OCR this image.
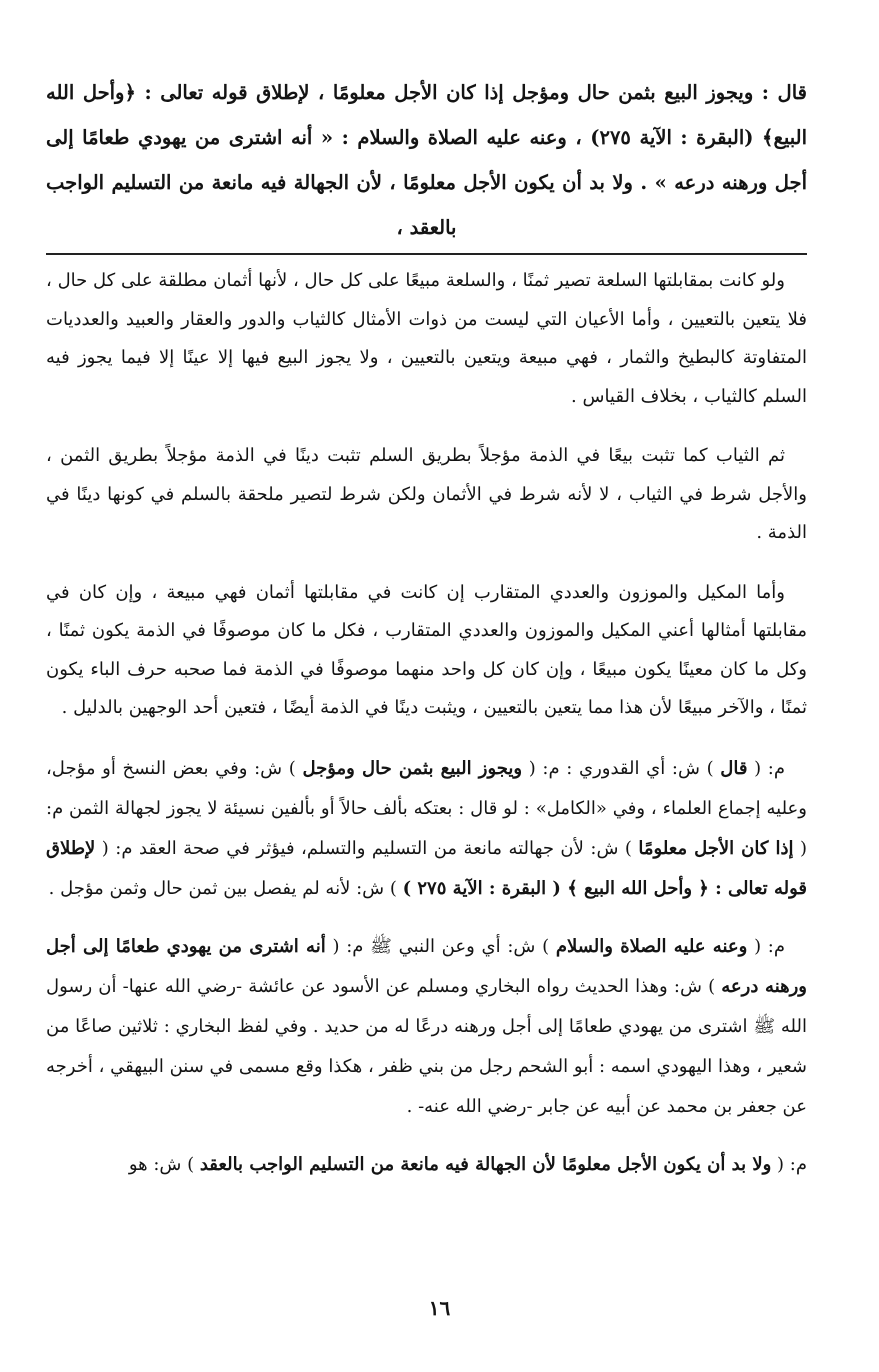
قال : ويجوز البيع بثمن حال ومؤجل إذا كان الأجل معلومًا ، لإطلاق قوله تعالى : ﴿وأحل الله البيع﴾ (البقرة : الآية ٢٧٥) ، وعنه عليه الصلاة والسلام : « أنه اشترى من يهودي طعامًا إلى أجل ورهنه درعه » . ولا بد أن يكون الأجل معلومًا ، لأن الجهالة فيه مانعة من التسليم الواجب بالعقد ،

ولو كانت بمقابلتها السلعة تصير ثمنًا ، والسلعة مبيعًا على كل حال ، لأنها أثمان مطلقة على كل حال ، فلا يتعين بالتعيين ، وأما الأعيان التي ليست من ذوات الأمثال كالثياب والدور والعقار والعبيد والعدديات المتفاوتة كالبطيخ والثمار ، فهي مبيعة ويتعين بالتعيين ، ولا يجوز البيع فيها إلا عينًا إلا فيما يجوز فيه السلم كالثياب ، بخلاف القياس .

ثم الثياب كما تثبت بيعًا في الذمة مؤجلاً بطريق السلم تثبت دينًا في الذمة مؤجلاً بطريق الثمن ، والأجل شرط في الثياب ، لا لأنه شرط في الأثمان ولكن شرط لتصير ملحقة بالسلم في كونها دينًا في الذمة .

وأما المكيل والموزون والعددي المتقارب إن كانت في مقابلتها أثمان فهي مبيعة ، وإن كان في مقابلتها أمثالها أعني المكيل والموزون والعددي المتقارب ، فكل ما كان موصوفًا في الذمة يكون ثمنًا ، وكل ما كان معينًا يكون مبيعًا ، وإن كان كل واحد منهما موصوفًا في الذمة فما صحبه حرف الباء يكون ثمنًا ، والآخر مبيعًا لأن هذا مما يتعين بالتعيين ، ويثبت دينًا في الذمة أيضًا ، فتعين أحد الوجهين بالدليل .

م: ( قال ) ش: أي القدوري : م: ( ويجوز البيع بثمن حال ومؤجل ) ش: وفي بعض النسخ أو مؤجل، وعليه إجماع العلماء ، وفي «الكامل» : لو قال : بعتكه بألف حالاً أو بألفين نسيئة لا يجوز لجهالة الثمن م: ( إذا كان الأجل معلومًا ) ش: لأن جهالته مانعة من التسليم والتسلم، فيؤثر في صحة العقد م: ( لإطلاق قوله تعالى : ﴿ وأحل الله البيع ﴾ ( البقرة : الآية ٢٧٥ ) ) ش: لأنه لم يفصل بين ثمن حال وثمن مؤجل .

م: ( وعنه عليه الصلاة والسلام ) ش: أي وعن النبي ﷺ م: ( أنه اشترى من يهودي طعامًا إلى أجل ورهنه درعه ) ش: وهذا الحديث رواه البخاري ومسلم عن الأسود عن عائشة -رضي الله عنها- أن رسول الله ﷺ اشترى من يهودي طعامًا إلى أجل ورهنه درعًا له من حديد . وفي لفظ البخاري : ثلاثين صاعًا من شعير ، وهذا اليهودي اسمه : أبو الشحم رجل من بني ظفر ، هكذا وقع مسمى في سنن البيهقي ، أخرجه عن جعفر بن محمد عن أبيه عن جابر -رضي الله عنه- .

م: ( ولا بد أن يكون الأجل معلومًا لأن الجهالة فيه مانعة من التسليم الواجب بالعقد ) ش: هو

١٦
